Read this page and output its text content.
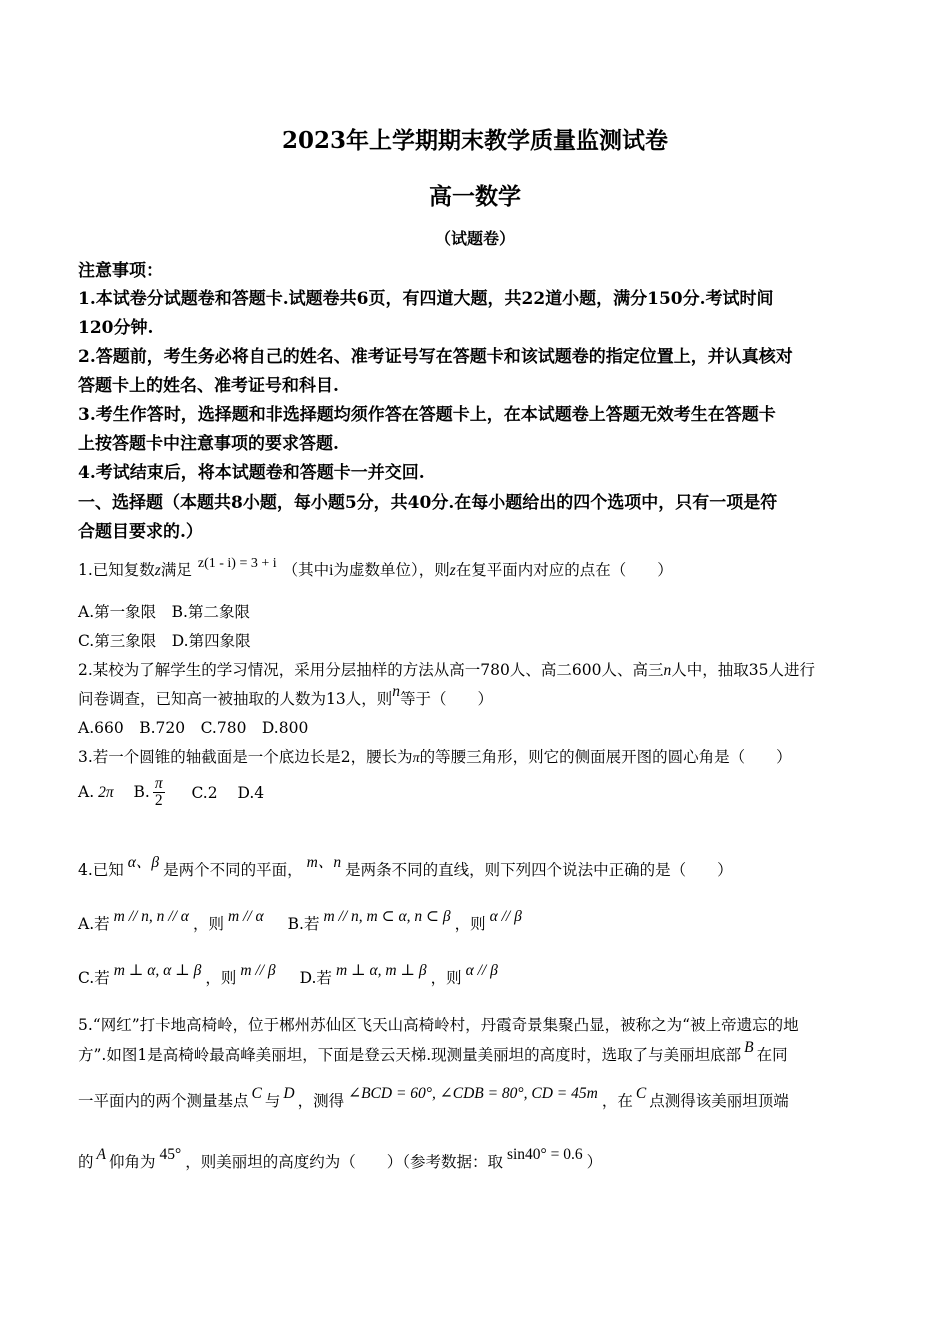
2023年上学期期末教学质量监测试卷
高一数学
（试题卷）
注意事项：
1.本试卷分试题卷和答题卡.试题卷共6页，有四道大题，共22道小题，满分150分.考试时间
120分钟.
2.答题前，考生务必将自己的姓名、准考证号写在答题卡和该试题卷的指定位置上，并认真核对
答题卡上的姓名、准考证号和科目.
3.考生作答时，选择题和非选择题均须作答在答题卡上，在本试题卷上答题无效考生在答题卡
上按答题卡中注意事项的要求答题.
4.考试结束后，将本试题卷和答题卡一并交回.
一、选择题（本题共8小题，每小题5分，共40分.在每小题给出的四个选项中，只有一项是符
合题目要求的.）
1.已知复数z满足 z(1 - i) = 3 + i （其中i为虚数单位），则z在复平面内对应的点在（　　）
A.第一象限　 B.第二象限
C.第三象限　 D.第四象限
2.某校为了解学生的学习情况，采用分层抽样的方法从高一780人、高二600人、高三n人中，抽取35人进行
问卷调查，已知高一被抽取的人数为13人，则n等于（　　）
A.660　B.720　C.780　D.800
3.若一个圆锥的轴截面是一个底边长是2，腰长为π的等腰三角形，则它的侧面展开图的圆心角是（　　）
A. 2π B. $\frac{\pi}{2} C.2$ D.4
4.已知 α、β 是两个不同的平面， m、n 是两条不同的直线，则下列四个说法中正确的是（　　）
A.若 m // n, n // α ，则 m // α B.若 m // n, m ⊂ α, n ⊂ β ，则 α // β
C.若 m ⊥ α, α ⊥ β ，则 m // β D.若 m ⊥ α, m ⊥ β ，则 α // β
5.“网红”打卡地高椅岭，位于郴州苏仙区飞天山高椅岭村，丹霞奇景集聚凸显，被称之为“被上帝遗忘的地
方”.如图1是高椅岭最高峰美丽坦，下面是登云天梯.现测量美丽坦的高度时，选取了与美丽坦底部 B 在同
一平面内的两个测量基点 C 与 D ，测得 ∠BCD = 60°, ∠CDB = 80°, CD = 45m ，在 C 点测得该美丽坦顶端
的 A 仰角为 45° ，则美丽坦的高度约为（　　）（参考数据：取 sin40° = 0.6 ）
